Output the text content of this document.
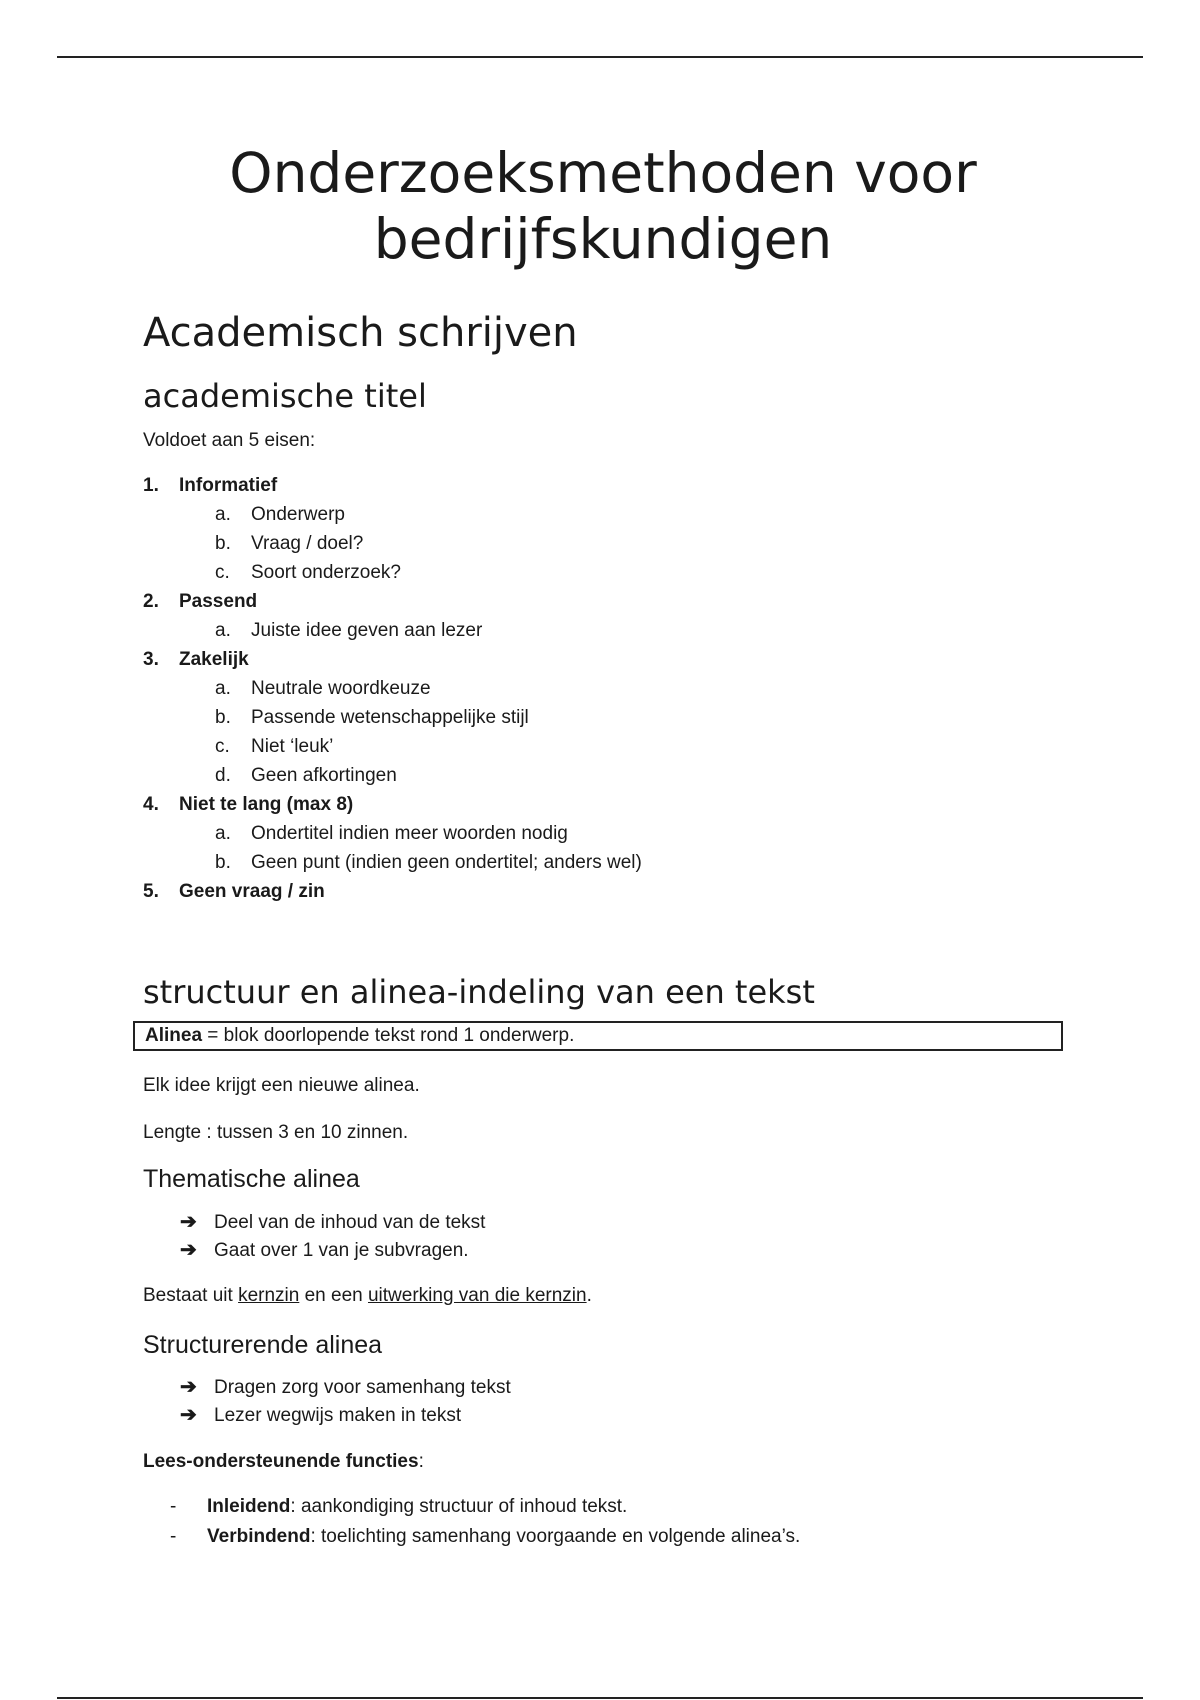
Onderzoeksmethoden voor
bedrijfskundigen
Academisch schrijven
academische titel

Voldoet aan 5 eisen:

1. Informatief
a. Onderwerp
b. Vraag / doel?
c. Soort onderzoek?
2. Passend
a. Juiste idee geven aan lezer
3. Zakelijk
a. Neutrale woordkeuze
b. Passende wetenschappelijke stijl
c. Niet ‘leuk’
d. Geen afkortingen
4. Niet te lang (max 8)
a. Ondertitel indien meer woorden nodig
b. Geen punt (indien geen ondertitel; anders wel)
5. Geen vraag / zin
structuur en alinea-indeling van een tekst
Alinea = blok doorlopende tekst rond 1 onderwerp.

Elk idee krijgt een nieuwe alinea.

Lengte : tussen 3 en 10 zinnen.

Thematische alinea
➔ Deel van de inhoud van de tekst
➔ Gaat over 1 van je subvragen.

Bestaat uit kernzin en een uitwerking van die kernzin.

Structurerende alinea
➔ Dragen zorg voor samenhang tekst
➔ Lezer wegwijs maken in tekst

Lees-ondersteunende functies:

- Inleidend: aankondiging structuur of inhoud tekst.
- Verbindend: toelichting samenhang voorgaande en volgende alinea’s.
